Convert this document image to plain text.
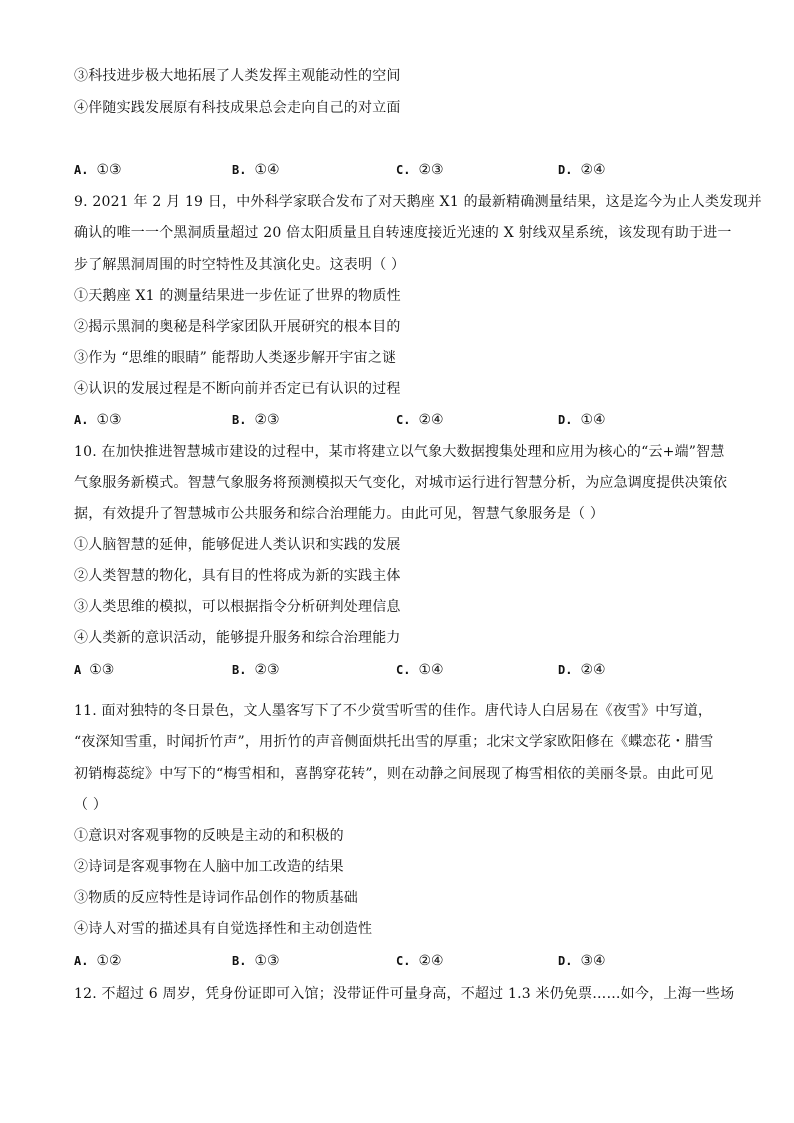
③科技进步极大地拓展了人类发挥主观能动性的空间
④伴随实践发展原有科技成果总会走向自己的对立面
A. ①③	B. ①④	C. ②③	D. ②④
9. 2021 年 2 月 19 日，中外科学家联合发布了对天鹅座 X1 的最新精确测量结果，这是迄今为止人类发现并
确认的唯一一个黑洞质量超过 20 倍太阳质量且自转速度接近光速的 X 射线双星系统，该发现有助于进一
步了解黑洞周围的时空特性及其演化史。这表明（ ）
①天鹅座 X1 的测量结果进一步佐证了世界的物质性
②揭示黑洞的奥秘是科学家团队开展研究的根本目的
③作为 “思维的眼睛” 能帮助人类逐步解开宇宙之谜
④认识的发展过程是不断向前并否定已有认识的过程
A. ①③	B. ②③	C. ②④	D. ①④
10. 在加快推进智慧城市建设的过程中，某市将建立以气象大数据搜集处理和应用为核心的“云+端”智慧
气象服务新模式。智慧气象服务将预测模拟天气变化，对城市运行进行智慧分析，为应急调度提供决策依
据，有效提升了智慧城市公共服务和综合治理能力。由此可见，智慧气象服务是（ ）
①人脑智慧的延伸，能够促进人类认识和实践的发展
②人类智慧的物化，具有目的性将成为新的实践主体
③人类思维的模拟，可以根据指令分析研判处理信息
④人类新的意识活动，能够提升服务和综合治理能力
A ①③	B. ②③	C. ①④	D. ②④
11. 面对独特的冬日景色，文人墨客写下了不少赏雪听雪的佳作。唐代诗人白居易在《夜雪》中写道，
“夜深知雪重，时闻折竹声”，用折竹的声音侧面烘托出雪的厚重；北宋文学家欧阳修在《蝶恋花・腊雪
初销梅蕊绽》中写下的“梅雪相和，喜鹊穿花转”，则在动静之间展现了梅雪相依的美丽冬景。由此可见
（ ）
①意识对客观事物的反映是主动的和积极的
②诗词是客观事物在人脑中加工改造的结果
③物质的反应特性是诗词作品创作的物质基础
④诗人对雪的描述具有自觉选择性和主动创造性
A. ①②	B. ①③	C. ②④	D. ③④
12. 不超过 6 周岁，凭身份证即可入馆；没带证件可量身高，不超过 1.3 米仍免票……如今，上海一些场
